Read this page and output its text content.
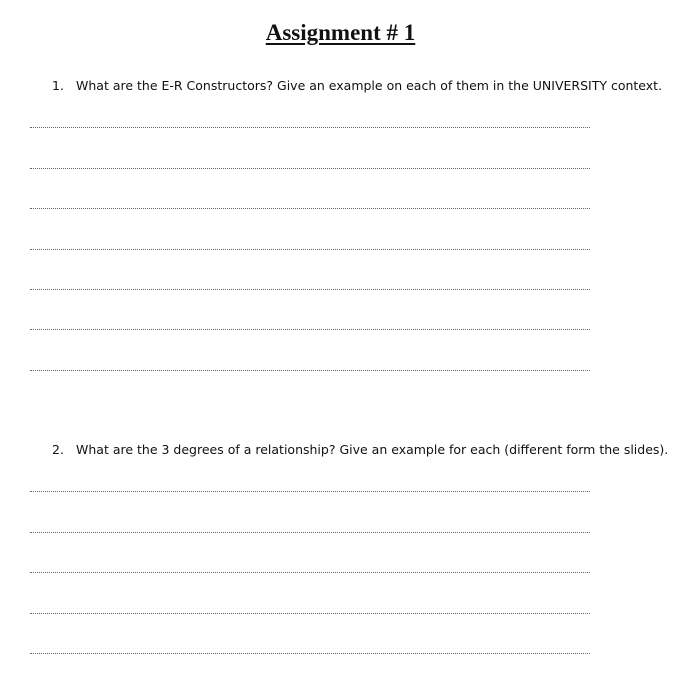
Assignment # 1
1. What are the E-R Constructors? Give an example on each of them in the UNIVERSITY context.
2. What are the 3 degrees of a relationship? Give an example for each (different form the slides).
